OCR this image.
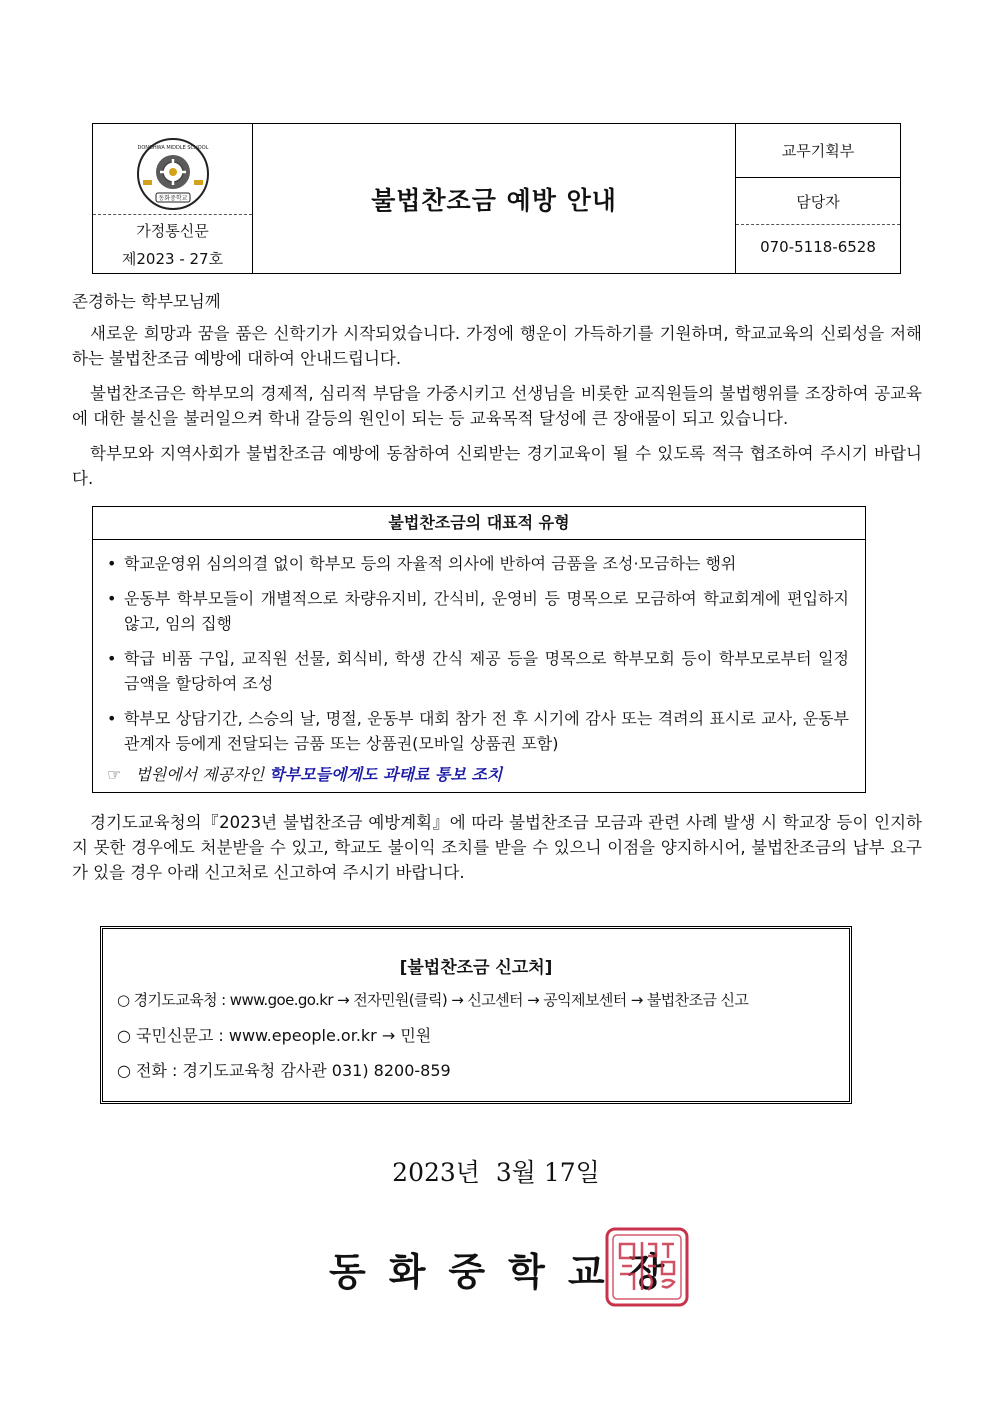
동화중학교
DONGHWA MIDDLE SCHOOL
가정통신문
제2023 - 27호
불법찬조금 예방 안내
교무기획부
담당자
070-5118-6528
존경하는 학부모님께
새로운 희망과 꿈을 품은 신학기가 시작되었습니다. 가정에 행운이 가득하기를 기원하며, 학교교육의 신뢰성을 저해하는 불법찬조금 예방에 대하여 안내드립니다.
불법찬조금은 학부모의 경제적, 심리적 부담을 가중시키고 선생님을 비롯한 교직원들의 불법행위를 조장하여 공교육에 대한 불신을 불러일으켜 학내 갈등의 원인이 되는 등 교육목적 달성에 큰 장애물이 되고 있습니다.
학부모와 지역사회가 불법찬조금 예방에 동참하여 신뢰받는 경기교육이 될 수 있도록 적극 협조하여 주시기 바랍니다.
불법찬조금의 대표적 유형
• 학교운영위 심의의결 없이 학부모 등의 자율적 의사에 반하여 금품을 조성·모금하는 행위
• 운동부 학부모들이 개별적으로 차량유지비, 간식비, 운영비 등 명목으로 모금하여 학교회계에 편입하지 않고, 임의 집행
• 학급 비품 구입, 교직원 선물, 회식비, 학생 간식 제공 등을 명목으로 학부모회 등이 학부모로부터 일정 금액을 할당하여 조성
• 학부모 상담기간, 스승의 날, 명절, 운동부 대회 참가 전 후 시기에 감사 또는 격려의 표시로 교사, 운동부 관계자 등에게 전달되는 금품 또는 상품권(모바일 상품권 포함)
☞ 법원에서 제공자인 학부모들에게도 과태료 통보 조치
경기도교육청의『2023년 불법찬조금 예방계획』에 따라 불법찬조금 모금과 관련 사례 발생 시 학교장 등이 인지하지 못한 경우에도 처분받을 수 있고, 학교도 불이익 조치를 받을 수 있으니 이점을 양지하시어, 불법찬조금의 납부 요구가 있을 경우 아래 신고처로 신고하여 주시기 바랍니다.
[불법찬조금 신고처]
○ 경기도교육청 : www.goe.go.kr → 전자민원(클릭) → 신고센터 → 공익제보센터 → 불법찬조금 신고
○ 국민신문고 : www.epeople.or.kr → 민원
○ 전화 : 경기도교육청 감사관 031) 8200-859
2023년  3월 17일
동화중학교장
